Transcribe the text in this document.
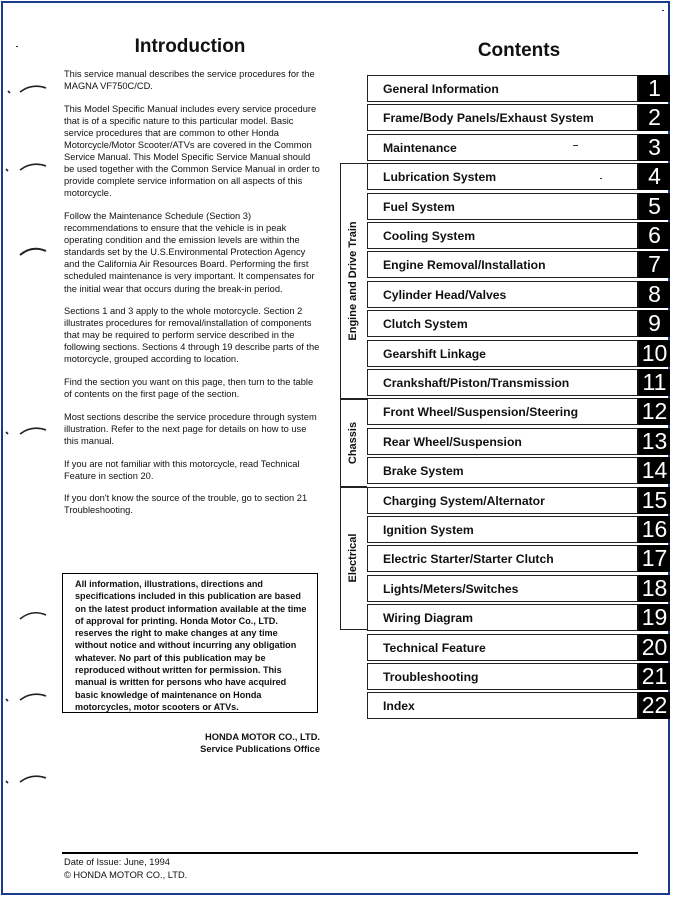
Introduction

This service manual describes the service procedures for the MAGNA VF750C/CD.

This Model Specific Manual includes every service procedure that is of a specific nature to this particular model. Basic service procedures that are common to other Honda Motorcycle/Motor Scooter/ATVs are covered in the Common Service Manual. This Model Specific Service Manual should be used together with the Common Service Manual in order to provide complete service information on all aspects of this motorcycle.

Follow the Maintenance Schedule (Section 3) recommendations to ensure that the vehicle is in peak operating condition and the emission levels are within the standards set by the U.S.Environmental Protection Agency and the California Air Resources Board. Performing the first scheduled maintenance is very important. It compensates for the initial wear that occurs during the break-in period.

Sections 1 and 3 apply to the whole motorcycle. Section 2 illustrates procedures for removal/installation of components that may be required to perform service described in the following sections. Sections 4 through 19 describe parts of the motorcycle, grouped according to location.

Find the section you want on this page, then turn to the table of contents on the first page of the section.

Most sections describe the service procedure through system illustration. Refer to the next page for details on how to use this manual.

If you are not familiar with this motorcycle, read Technical Feature in section 20.

If you don't know the source of the trouble, go to section 21 Troubleshooting.

All information, illustrations, directions and specifications included in this publication are based on the latest product information available at the time of approval for printing. Honda Motor Co., LTD. reserves the right to make changes at any time without notice and without incurring any obligation whatever. No part of this publication may be reproduced without written for permission. This manual is written for persons who have acquired basic knowledge of maintenance on Honda motorcycles, motor scooters or ATVs.
HONDA MOTOR CO., LTD.
Service Publications Office
Date of Issue: June, 1994
© HONDA MOTOR CO., LTD.
Contents
Engine and Drive Train
Chassis
Electrical
General Information	1
Frame/Body Panels/Exhaust System	2
Maintenance	3
Lubrication System	4
Fuel System	5
Cooling System	6
Engine Removal/Installation	7
Cylinder Head/Valves	8
Clutch System	9
Gearshift Linkage	10
Crankshaft/Piston/Transmission	11
Front Wheel/Suspension/Steering	12
Rear Wheel/Suspension	13
Brake System	14
Charging System/Alternator	15
Ignition System	16
Electric Starter/Starter Clutch	17
Lights/Meters/Switches	18
Wiring Diagram	19
Technical Feature	20
Troubleshooting	21
Index	22
